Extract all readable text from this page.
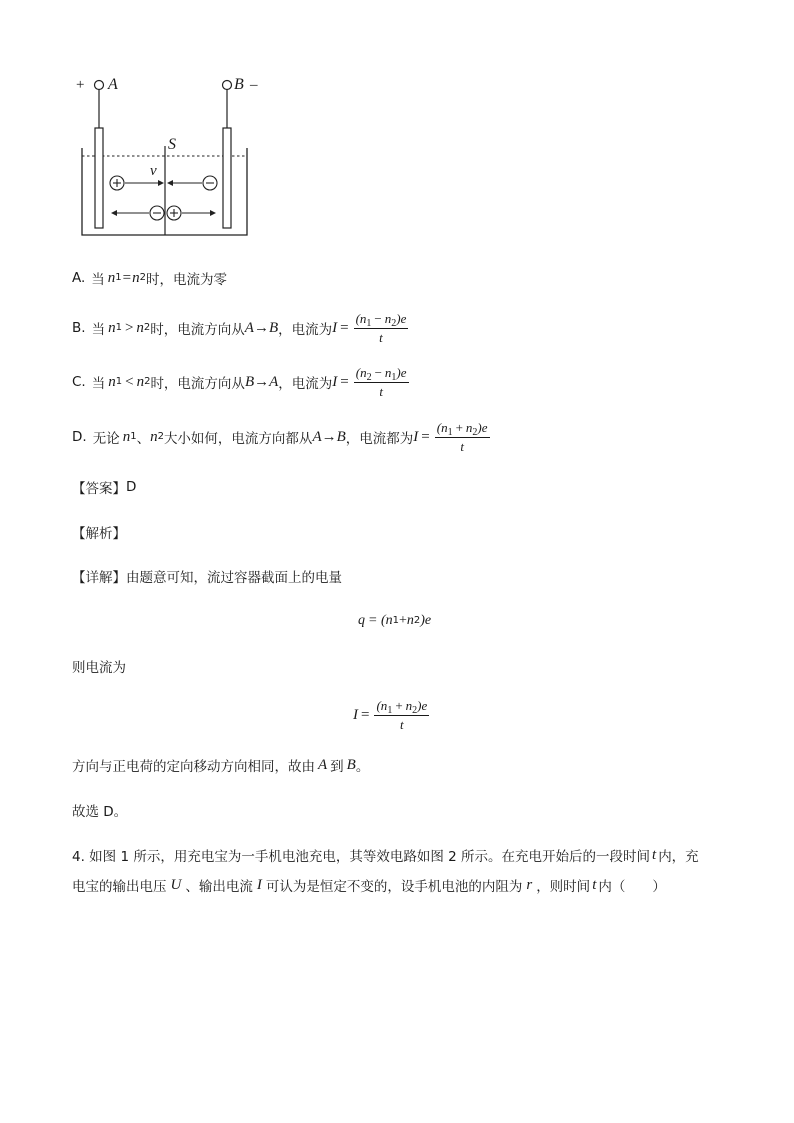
+ A	B –
S
v
A. 当 n 1 = n 2 时，电流为零
B. 当 n 1 > n 2 时，电流方向从 A→B ，电流为 $I = \frac{(n_1 - n_2)e}{t}$
C. 当 n 1 < n 2 时，电流方向从 B→A ，电流为 $I = \frac{(n_2 - n_1)e}{t}$
D. 无论 n 1 、 n 2 大小如何，电流方向都从 A→B ，电流都为 $I = \frac{(n_1 + n_2)e}{t}$
【答案】 D
【解析】
【详解】 由题意可知，流过容器截面上的电量
q = (n 1 + n 2 )e
则电流为
$I = \frac{(n_1 + n_2)e}{t}$
方向与正电荷的定向移动方向相同，故由 A 到 B 。
故选 D。
4. 如图 1 所示，用充电宝为一手机电池充电，其等效电路如图 2 所示。在充电开始后的一段时间 t 内，充
电宝的输出电压 U 、输出电流 I 可认为是恒定不变的，设手机电池的内阻为 r ，则时间 t 内（　　）
